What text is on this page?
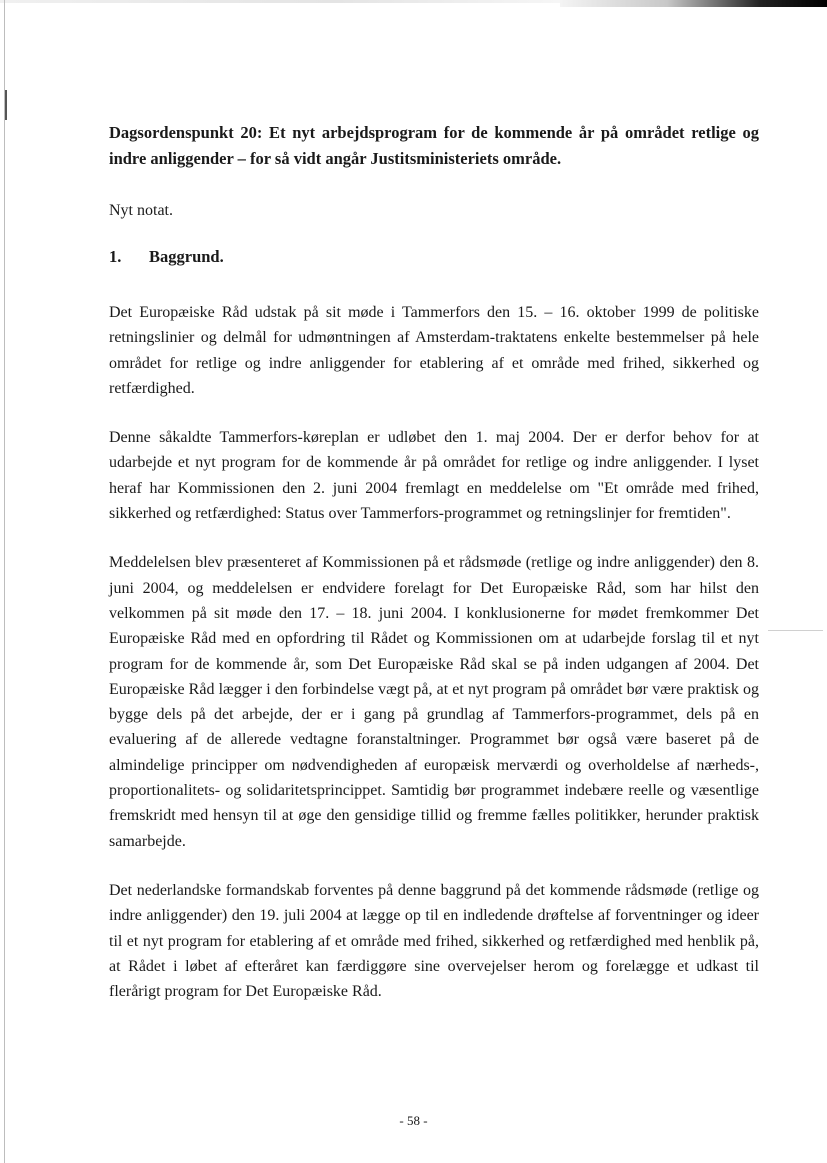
Dagsordenspunkt 20: Et nyt arbejdsprogram for de kommende år på området retlige og indre anliggender – for så vidt angår Justitsministeriets område.

Nyt notat.

1.	Baggrund.

Det Europæiske Råd udstak på sit møde i Tammerfors den 15. – 16. oktober 1999 de politiske retningslinier og delmål for udmøntningen af Amsterdam-traktatens enkelte bestemmelser på hele området for retlige og indre anliggender for etablering af et område med frihed, sikkerhed og retfærdighed.

Denne såkaldte Tammerfors-køreplan er udløbet den 1. maj 2004. Der er derfor behov for at udarbejde et nyt program for de kommende år på området for retlige og indre anliggender. I lyset heraf har Kommissionen den 2. juni 2004 fremlagt en meddelelse om "Et område med frihed, sikkerhed og retfærdighed: Status over Tammerfors-programmet og retningslinjer for fremtiden".

Meddelelsen blev præsenteret af Kommissionen på et rådsmøde (retlige og indre anliggender) den 8. juni 2004, og meddelelsen er endvidere forelagt for Det Europæiske Råd, som har hilst den velkommen på sit møde den 17. – 18. juni 2004. I konklusionerne for mødet fremkommer Det Europæiske Råd med en opfordring til Rådet og Kommissionen om at udarbejde forslag til et nyt program for de kommende år, som Det Europæiske Råd skal se på inden udgangen af 2004. Det Europæiske Råd lægger i den forbindelse vægt på, at et nyt program på området bør være praktisk og bygge dels på det arbejde, der er i gang på grundlag af Tammerfors-programmet, dels på en evaluering af de allerede vedtagne foranstaltninger. Programmet bør også være baseret på de almindelige principper om nødvendigheden af europæisk merværdi og overholdelse af nærheds-, proportionalitets- og solidaritetsprincippet. Samtidig bør programmet indebære reelle og væsentlige fremskridt med hensyn til at øge den gensidige tillid og fremme fælles politikker, herunder praktisk samarbejde.

Det nederlandske formandskab forventes på denne baggrund på det kommende rådsmøde (retlige og indre anliggender) den 19. juli 2004 at lægge op til en indledende drøftelse af forventninger og ideer til et nyt program for etablering af et område med frihed, sikkerhed og retfærdighed med henblik på, at Rådet i løbet af efteråret kan færdiggøre sine overvejelser herom og forelægge et udkast til flerårigt program for Det Europæiske Råd.

- 58 -
